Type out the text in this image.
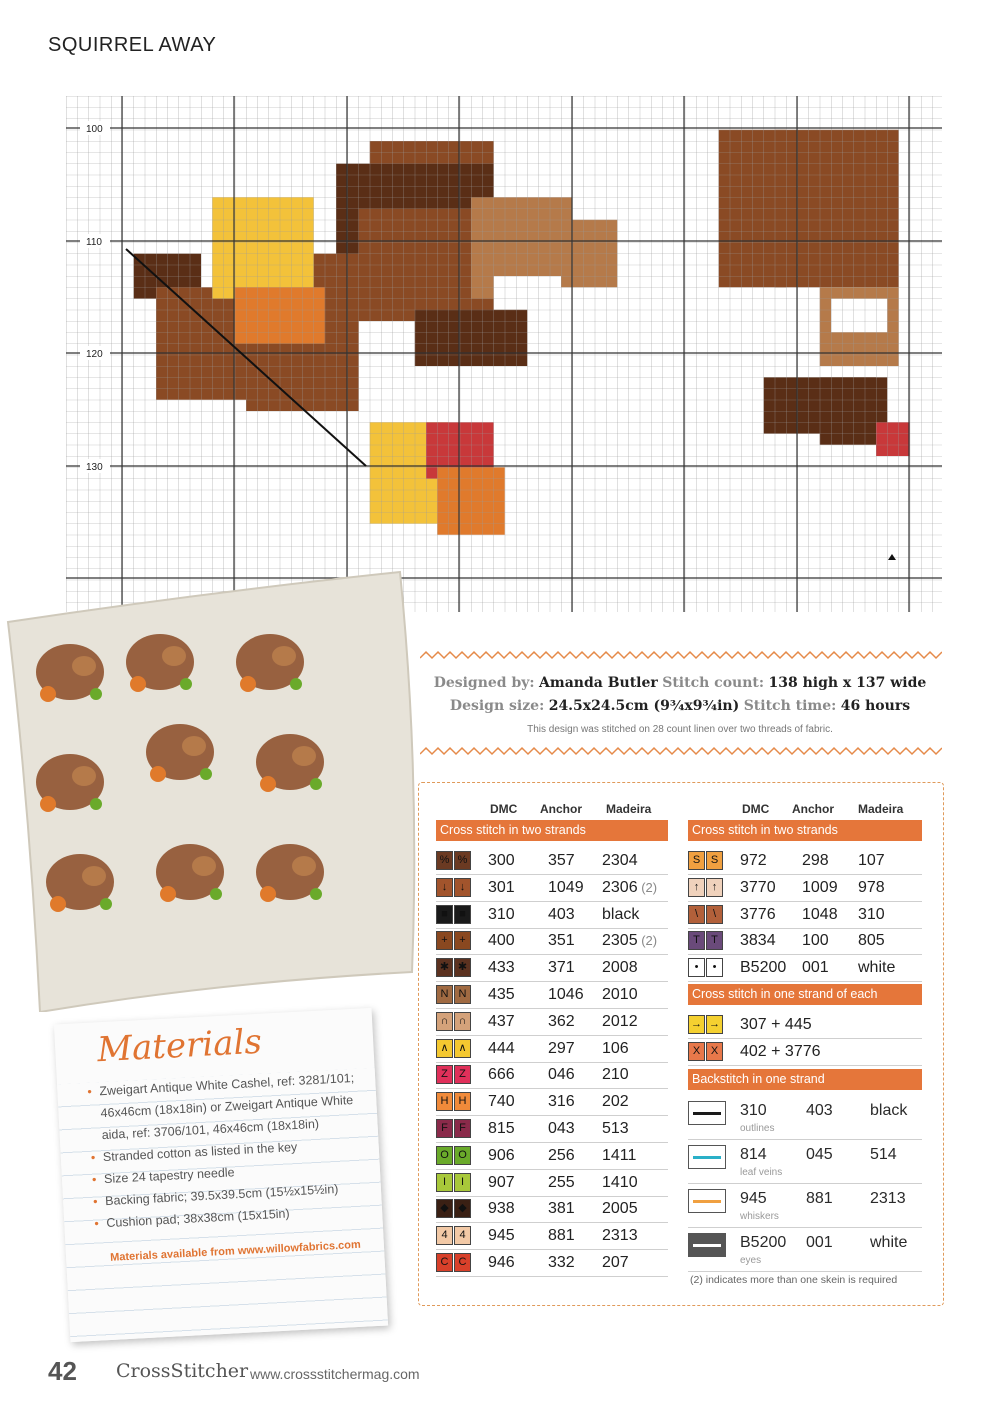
SQUIRREL AWAY
100
110
120
130
Designed by: Amanda Butler Stitch count: 138 high x 137 wide
Design size: 24.5x24.5cm (9¾x9¾in) Stitch time: 46 hours
This design was stitched on 28 count linen over two threads of fabric.
DMC Anchor Madeira	DMC Anchor Madeira
Cross stitch in two strands	Cross stitch in two strands
% % 300 357 2304
↓	↓	301 1049 2306 (2)
■	■	310 403 black
+	+	400 351 2305 (2)
✱ ✱ 433 371 2008
N N 435 1046 2010
∩ ∩ 437 362 2012
∧ ∧ 444 297 106
Z	Z	666 046 210
H H 740 316 202
F	F	815 043 513
O O 906 256 1411
I	I	907 255 1410
◆ ◆ 938 381 2005
4	4	945 881 2313
C C 946 332 207
S S	972 298 107
↑	↑	3770 1009 978
\	\	3776 1048 310
T	T	3834 100 805
•	•	B5200 001 white
Cross stitch in one strand of each
→ → 307 + 445
X X	402 + 3776
Backstitch in one strand
310 403 black
outlines
814 045 514
leaf veins
945 881 2313
whiskers
B5200 001 white
eyes
(2) indicates more than one skein is required
Materials
• Zweigart Antique White Cashel, ref: 3281/101; 46x46cm (18x18in) or Zweigart Antique White aida, ref: 3706/101, 46x46cm (18x18in)
• Stranded cotton as listed in the key
• Size 24 tapestry needle
• Backing fabric; 39.5x39.5cm (15½x15½in)
• Cushion pad; 38x38cm (15x15in)
Materials available from www.willowfabrics.com
42 CrossStitcher www.crossstitchermag.com
